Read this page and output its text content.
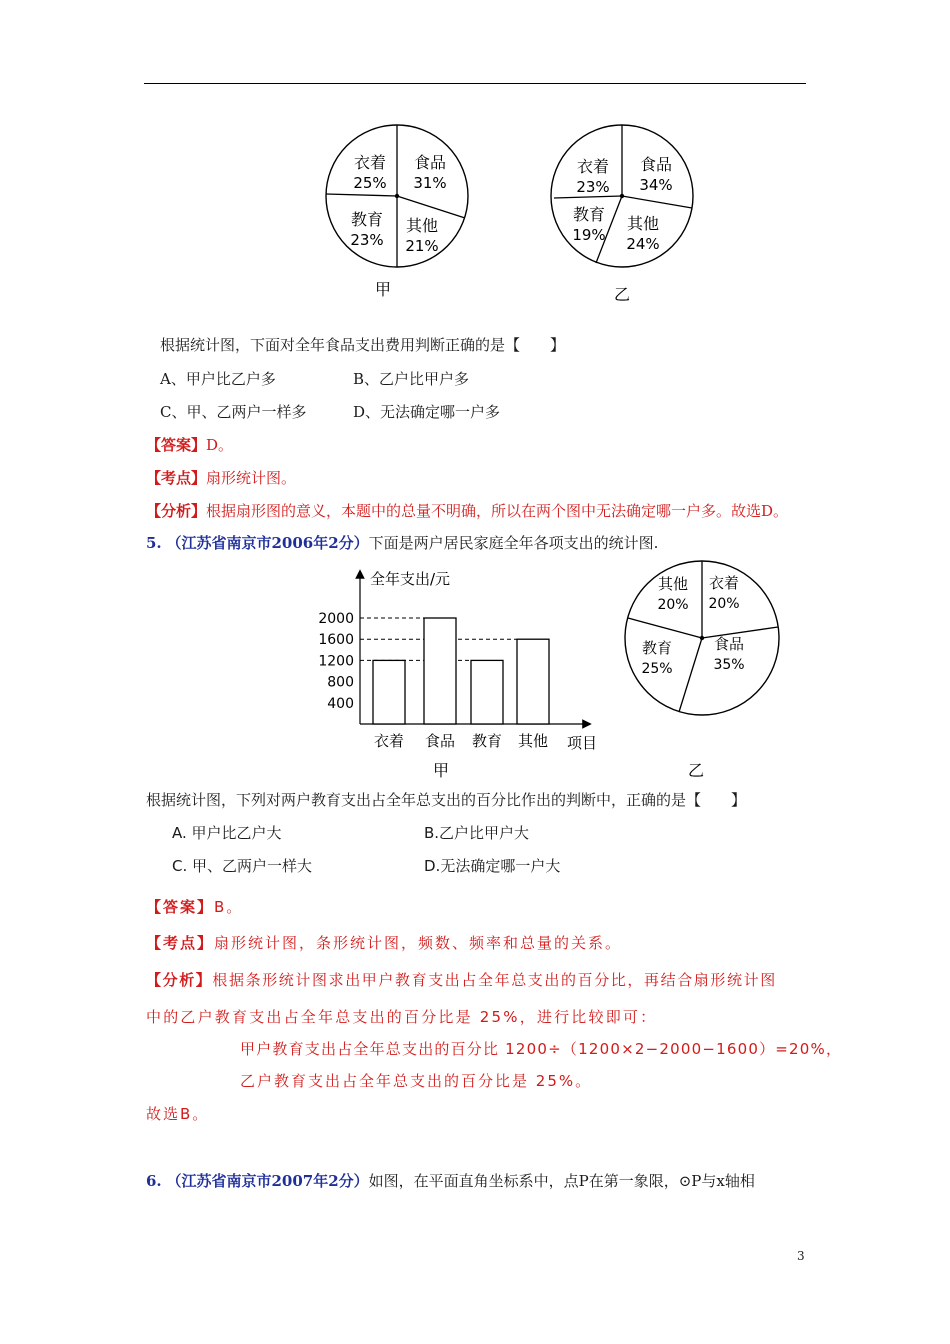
衣着
25%
食品
31%
其他
21%
教育
23%
甲
衣着
23%
食品
34%
其他
24%
教育
19%
乙
根据统计图，下面对全年食品支出费用判断正确的是【　　】
A、甲户比乙户多	B、乙户比甲户多
C、甲、乙两户一样多	D、无法确定哪一户多
【答案】D。
【考点】扇形统计图。
【分析】根据扇形图的意义，本题中的总量不明确，所以在两个图中无法确定哪一户多。故选D。
5. （江苏省南京市2006年2分）下面是两户居民家庭全年各项支出的统计图.
全年支出/元
项目
400
800
1200
1600
2000
衣着 食品 教育 其他
甲
其他
20%
衣着
20%
教育
25%
食品
35%
乙
根据统计图，下列对两户教育支出占全年总支出的百分比作出的判断中，正确的是【　　】
A. 甲户比乙户大	B.乙户比甲户大
C. 甲、乙两户一样大	D.无法确定哪一户大
【答案】B。
【考点】扇形统计图，条形统计图，频数、频率和总量的关系。
【分析】根据条形统计图求出甲户教育支出占全年总支出的百分比，再结合扇形统计图
中的乙户教育支出占全年总支出的百分比是 25%，进行比较即可：
甲户教育支出占全年总支出的百分比 1200÷（1200×2−2000−1600）=20%，
乙户教育支出占全年总支出的百分比是 25%。
故选B。
6. （江苏省南京市2007年2分）如图，在平面直角坐标系中，点P在第一象限，⊙P与x轴相
3
